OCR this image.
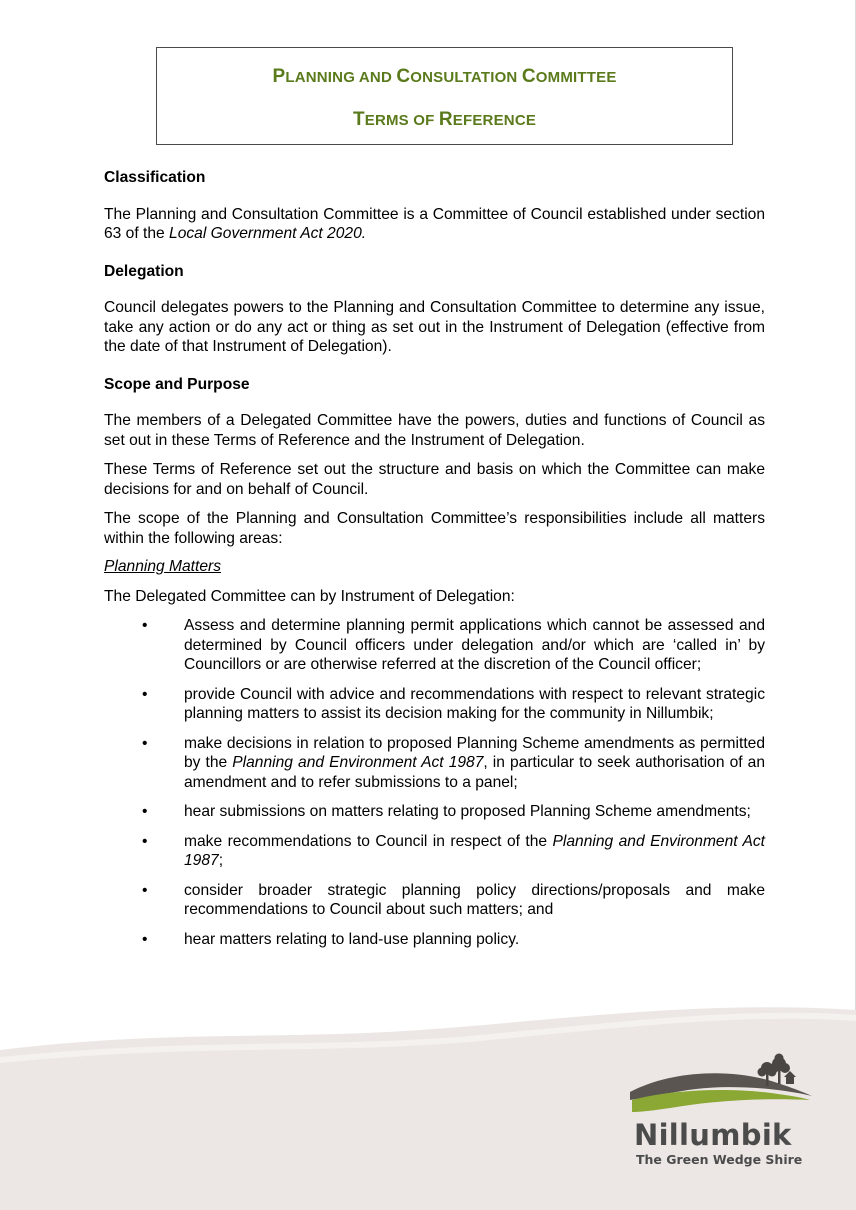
PLANNING AND CONSULTATION COMMITTEE
TERMS OF REFERENCE

Classification

The Planning and Consultation Committee is a Committee of Council established under section 63 of the Local Government Act 2020.

Delegation

Council delegates powers to the Planning and Consultation Committee to determine any issue, take any action or do any act or thing as set out in the Instrument of Delegation (effective from the date of that Instrument of Delegation).

Scope and Purpose

The members of a Delegated Committee have the powers, duties and functions of Council as set out in these Terms of Reference and the Instrument of Delegation.

These Terms of Reference set out the structure and basis on which the Committee can make decisions for and on behalf of Council.

The scope of the Planning and Consultation Committee’s responsibilities include all matters within the following areas:

Planning Matters

The Delegated Committee can by Instrument of Delegation:

• Assess and determine planning permit applications which cannot be assessed and determined by Council officers under delegation and/or which are ‘called in’ by Councillors or are otherwise referred at the discretion of the Council officer;
• provide Council with advice and recommendations with respect to relevant strategic planning matters to assist its decision making for the community in Nillumbik;
• make decisions in relation to proposed Planning Scheme amendments as permitted by the Planning and Environment Act 1987, in particular to seek authorisation of an amendment and to refer submissions to a panel;
• hear submissions on matters relating to proposed Planning Scheme amendments;
• make recommendations to Council in respect of the Planning and Environment Act 1987;
• consider broader strategic planning policy directions/proposals and make recommendations to Council about such matters; and
• hear matters relating to land-use planning policy.
Nillumbik
The Green Wedge Shire
